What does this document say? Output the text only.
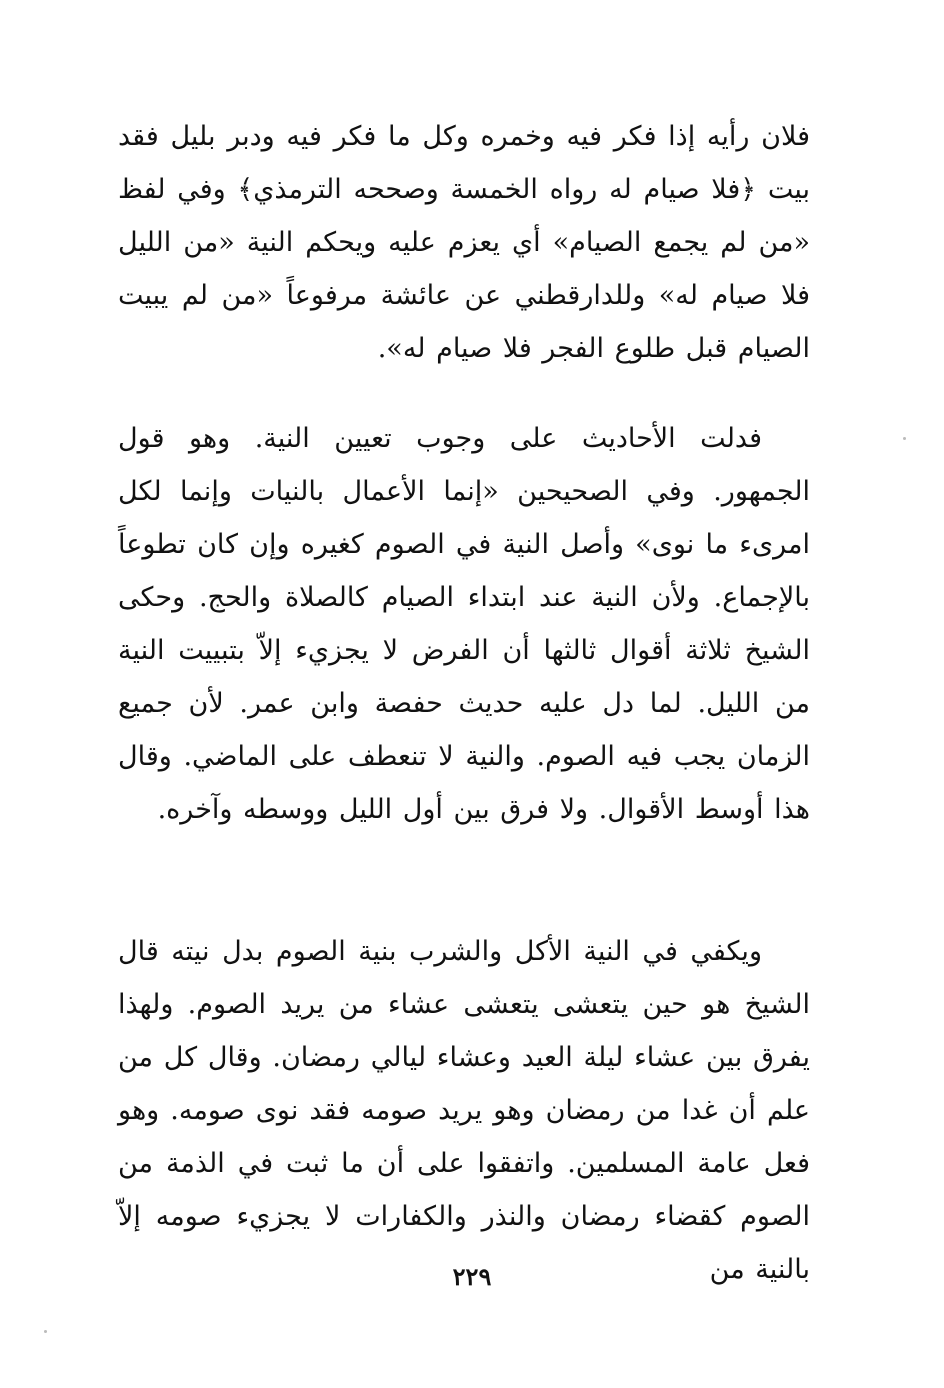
فلان رأيه إذا فكر فيه وخمره وكل ما فكر فيه ودبر بليل فقد بيت ﴿فلا صيام له رواه الخمسة وصححه الترمذي﴾ وفي لفظ «من لم يجمع الصيام» أي يعزم عليه ويحكم النية «من الليل فلا صيام له» وللدارقطني عن عائشة مرفوعاً «من لم يبيت الصيام قبل طلوع الفجر فلا صيام له».
فدلت الأحاديث على وجوب تعيين النية. وهو قول الجمهور. وفي الصحيحين «إنما الأعمال بالنيات وإنما لكل امرىء ما نوى» وأصل النية في الصوم كغيره وإن كان تطوعاً بالإجماع. ولأن النية عند ابتداء الصيام كالصلاة والحج. وحكى الشيخ ثلاثة أقوال ثالثها أن الفرض لا يجزيء إلاّ بتبييت النية من الليل. لما دل عليه حديث حفصة وابن عمر. لأن جميع الزمان يجب فيه الصوم. والنية لا تنعطف على الماضي. وقال هذا أوسط الأقوال. ولا فرق بين أول الليل ووسطه وآخره.
ويكفي في النية الأكل والشرب بنية الصوم بدل نيته قال الشيخ هو حين يتعشى يتعشى عشاء من يريد الصوم. ولهذا يفرق بين عشاء ليلة العيد وعشاء ليالي رمضان. وقال كل من علم أن غدا من رمضان وهو يريد صومه فقد نوى صومه. وهو فعل عامة المسلمين. واتفقوا على أن ما ثبت في الذمة من الصوم كقضاء رمضان والنذر والكفارات لا يجزيء صومه إلاّ بالنية من
٢٢٩
